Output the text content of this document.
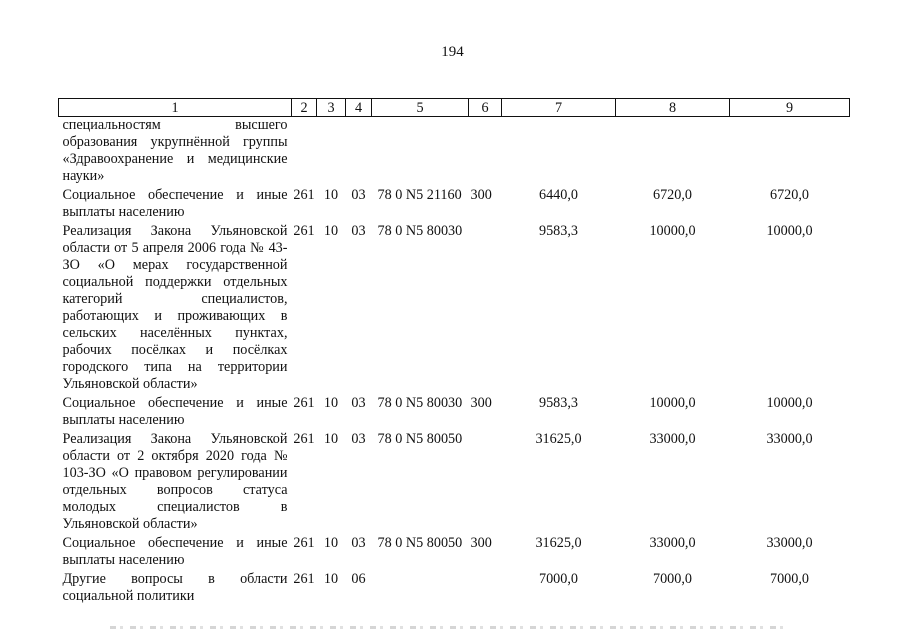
194
1	2	3	4	5	6	7	8	9
специальностям высшего образования укрупнённой группы «Здравоохранение и медицинские науки»								
Социальное обеспечение и иные выплаты населению	261	10	03	78 0 N5 21160	300	6440,0	6720,0	6720,0
Реализация Закона Ульяновской области от 5 апреля 2006 года № 43-ЗО «О мерах государственной социальной поддержки отдельных категорий специалистов, работающих и проживающих в сельских населённых пунктах, рабочих посёлках и посёлках городского типа на территории Ульяновской области»	261	10	03	78 0 N5 80030		9583,3	10000,0	10000,0
Социальное обеспечение и иные выплаты населению	261	10	03	78 0 N5 80030	300	9583,3	10000,0	10000,0
Реализация Закона Ульяновской области от 2 октября 2020 года № 103-ЗО «О правовом регулировании отдельных вопросов статуса молодых специалистов в Ульяновской области»	261	10	03	78 0 N5 80050		31625,0	33000,0	33000,0
Социальное обеспечение и иные выплаты населению	261	10	03	78 0 N5 80050	300	31625,0	33000,0	33000,0
Другие вопросы в области социальной политики	261	10	06			7000,0	7000,0	7000,0
